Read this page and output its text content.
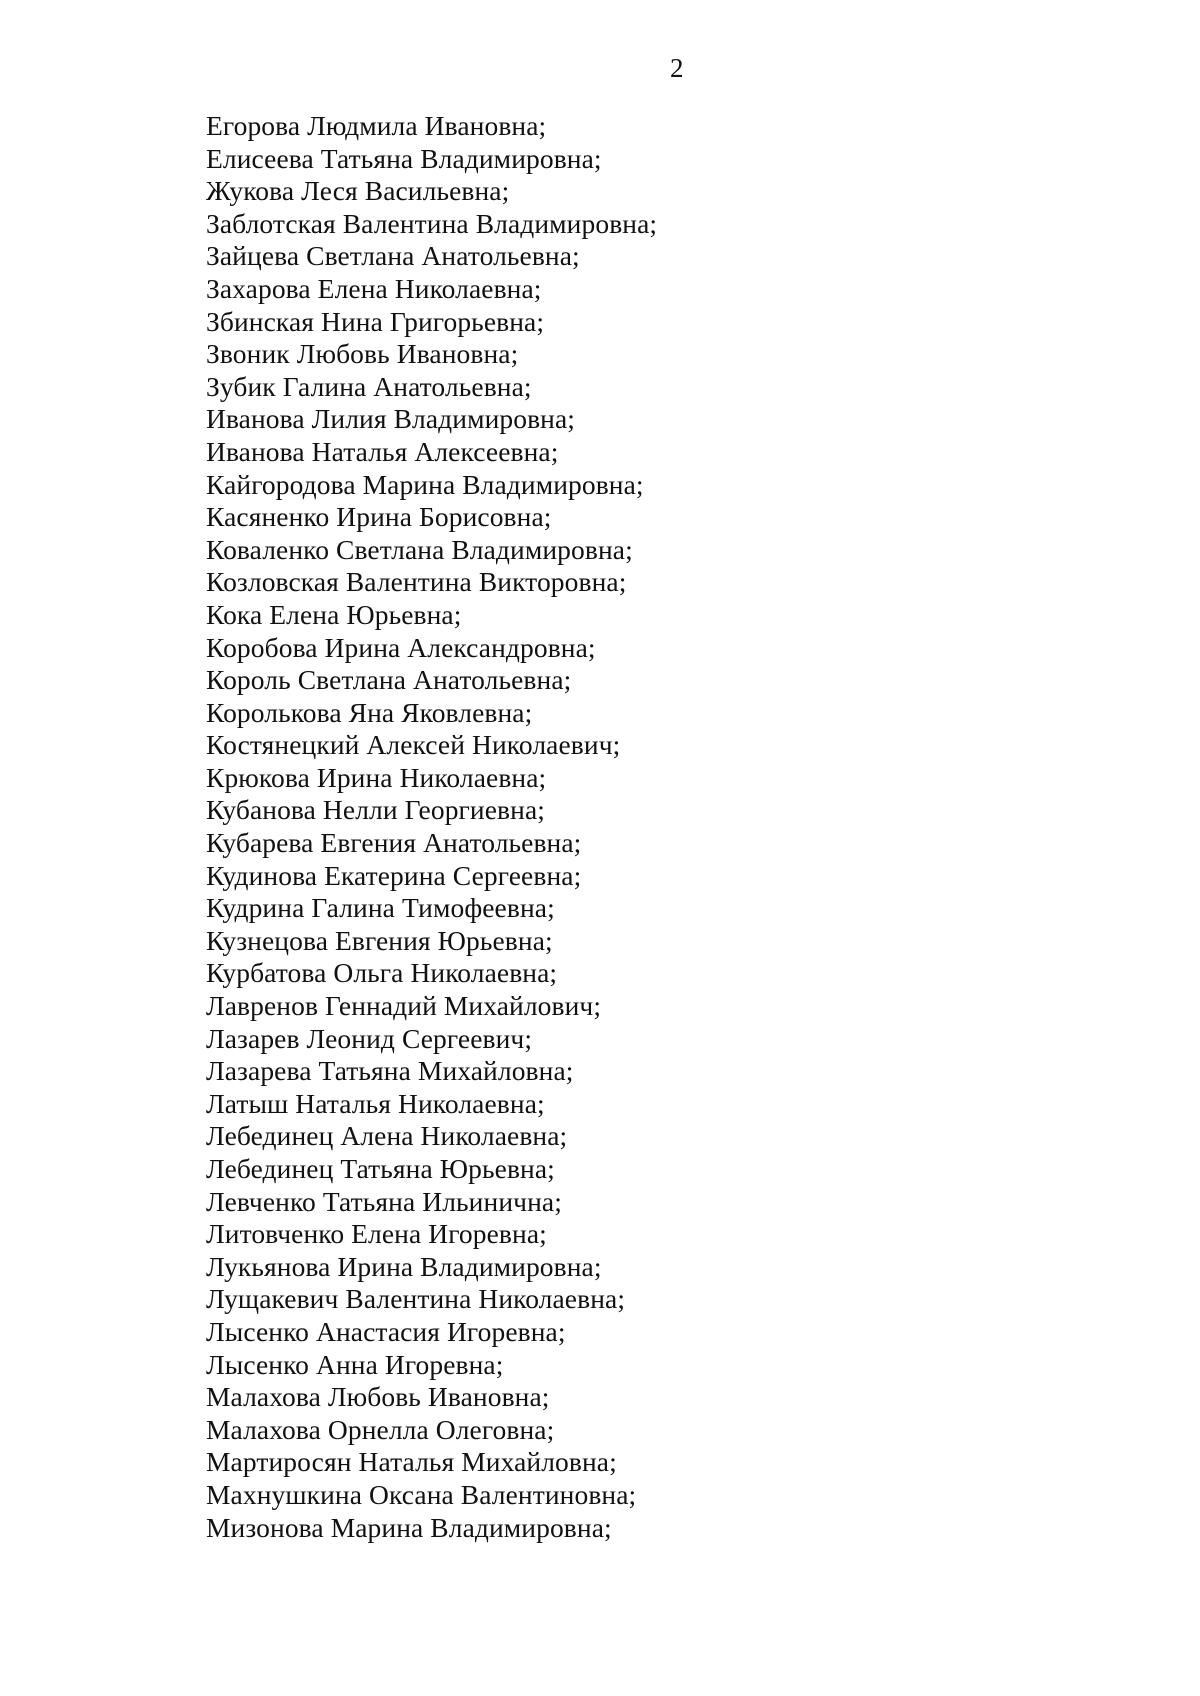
2
Егорова Людмила Ивановна;
Елисеева Татьяна Владимировна;
Жукова Леся Васильевна;
Заблотская Валентина Владимировна;
Зайцева Светлана Анатольевна;
Захарова Елена Николаевна;
Збинская Нина Григорьевна;
Звоник Любовь Ивановна;
Зубик Галина Анатольевна;
Иванова Лилия Владимировна;
Иванова Наталья Алексеевна;
Кайгородова Марина Владимировна;
Касяненко Ирина Борисовна;
Коваленко Светлана Владимировна;
Козловская Валентина Викторовна;
Кока Елена Юрьевна;
Коробова Ирина Александровна;
Король Светлана Анатольевна;
Королькова Яна Яковлевна;
Костянецкий Алексей Николаевич;
Крюкова Ирина Николаевна;
Кубанова Нелли Георгиевна;
Кубарева Евгения Анатольевна;
Кудинова Екатерина Сергеевна;
Кудрина Галина Тимофеевна;
Кузнецова Евгения Юрьевна;
Курбатова Ольга Николаевна;
Лавренов Геннадий Михайлович;
Лазарев Леонид Сергеевич;
Лазарева Татьяна Михайловна;
Латыш Наталья Николаевна;
Лебединец Алена Николаевна;
Лебединец Татьяна Юрьевна;
Левченко Татьяна Ильинична;
Литовченко Елена Игоревна;
Лукьянова Ирина Владимировна;
Лущакевич Валентина Николаевна;
Лысенко Анастасия Игоревна;
Лысенко Анна Игоревна;
Малахова Любовь Ивановна;
Малахова Орнелла Олеговна;
Мартиросян Наталья Михайловна;
Махнушкина Оксана Валентиновна;
Мизонова Марина Владимировна;
